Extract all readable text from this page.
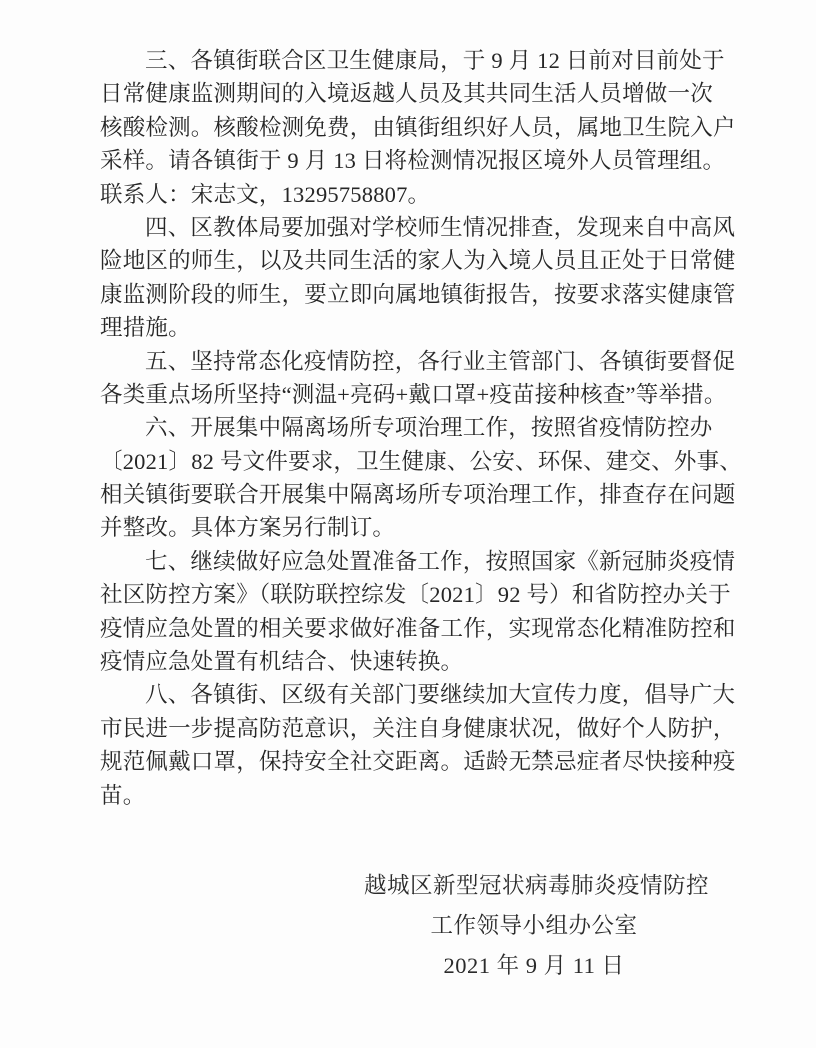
三、各镇街联合区卫生健康局，于 9 月 12 日前对目前处于
日常健康监测期间的入境返越人员及其共同生活人员增做一次
核酸检测。核酸检测免费，由镇街组织好人员，属地卫生院入户
采样。请各镇街于 9 月 13 日将检测情况报区境外人员管理组。
联系人：宋志文，13295758807。
四、区教体局要加强对学校师生情况排查，发现来自中高风
险地区的师生，以及共同生活的家人为入境人员且正处于日常健
康监测阶段的师生，要立即向属地镇街报告，按要求落实健康管
理措施。
五、坚持常态化疫情防控，各行业主管部门、各镇街要督促
各类重点场所坚持“测温+亮码+戴口罩+疫苗接种核查”等举措。
六、开展集中隔离场所专项治理工作，按照省疫情防控办
〔2021〕82 号文件要求，卫生健康、公安、环保、建交、外事、
相关镇街要联合开展集中隔离场所专项治理工作，排查存在问题
并整改。具体方案另行制订。
七、继续做好应急处置准备工作，按照国家《新冠肺炎疫情
社区防控方案》（联防联控综发〔2021〕92 号）和省防控办关于
疫情应急处置的相关要求做好准备工作，实现常态化精准防控和
疫情应急处置有机结合、快速转换。
八、各镇街、区级有关部门要继续加大宣传力度，倡导广大
市民进一步提高防范意识，关注自身健康状况，做好个人防护，
规范佩戴口罩，保持安全社交距离。适龄无禁忌症者尽快接种疫
苗。
越城区新型冠状病毒肺炎疫情防控
工作领导小组办公室
2021 年 9 月 11 日
